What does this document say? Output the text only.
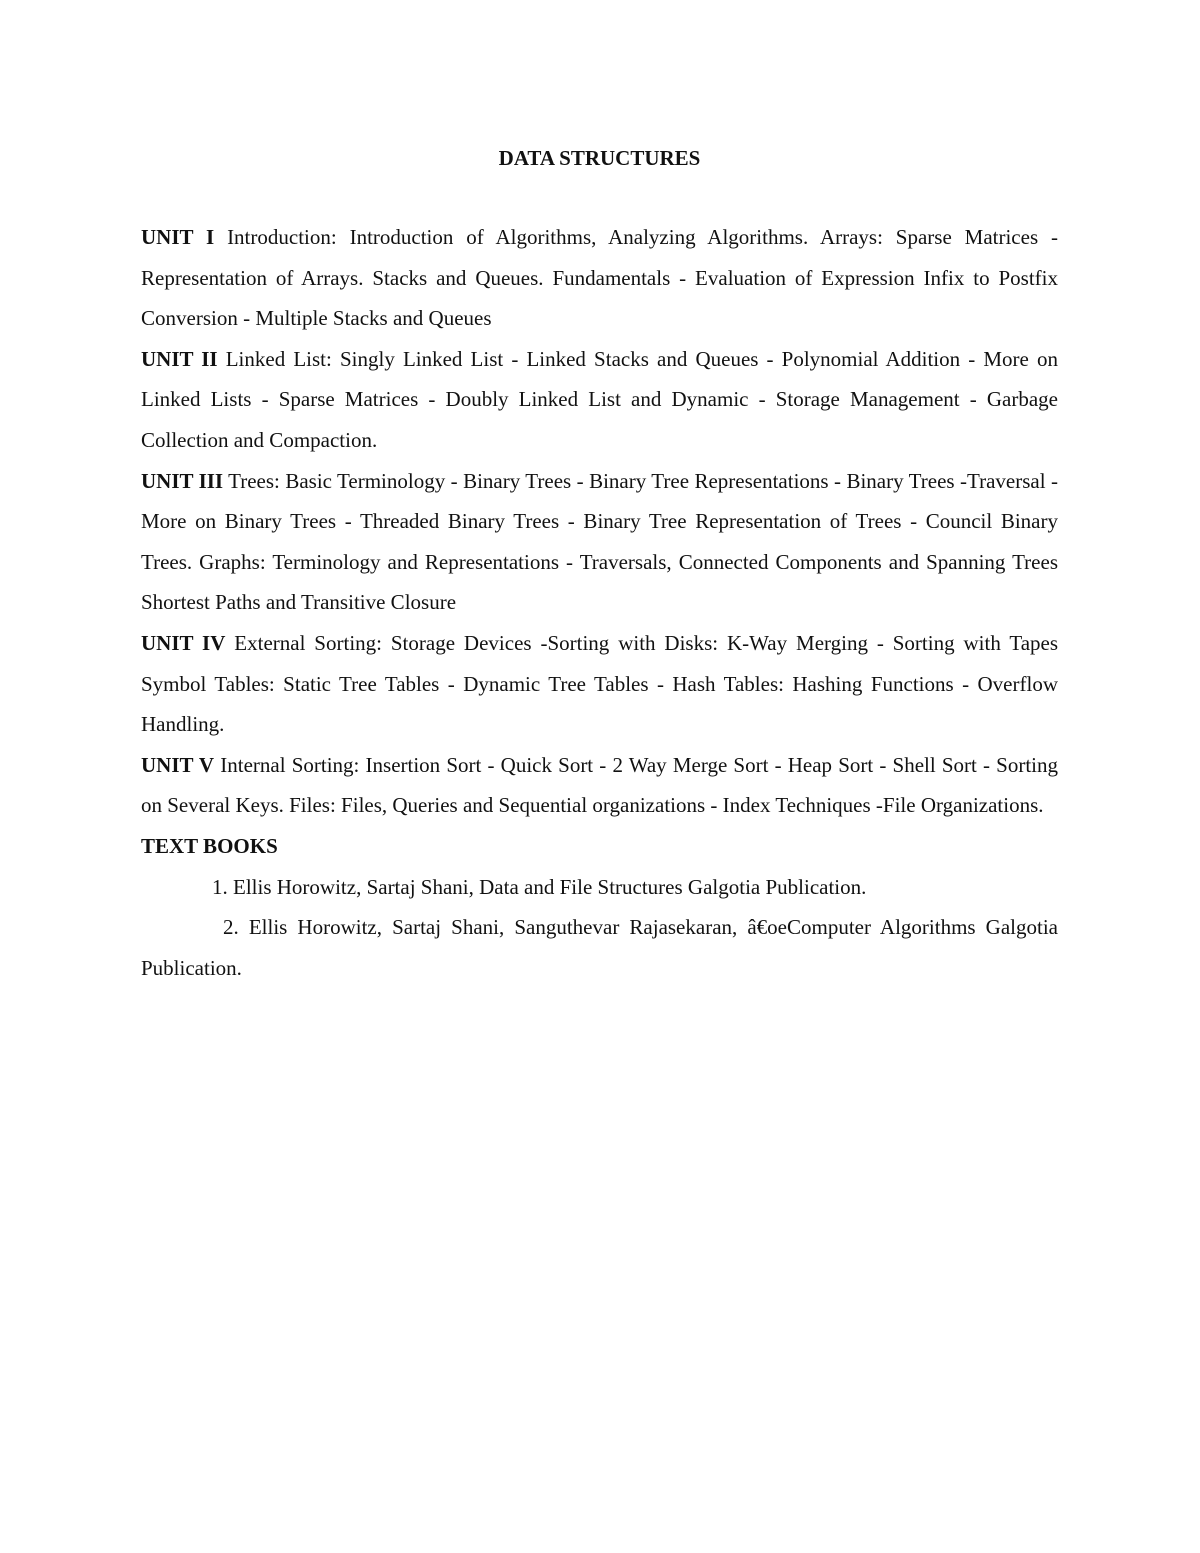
DATA STRUCTURES

UNIT I Introduction: Introduction of Algorithms, Analyzing Algorithms. Arrays: Sparse Matrices - Representation of Arrays. Stacks and Queues. Fundamentals - Evaluation of Expression Infix to Postfix Conversion - Multiple Stacks and Queues

UNIT II Linked List: Singly Linked List - Linked Stacks and Queues - Polynomial Addition - More on Linked Lists - Sparse Matrices - Doubly Linked List and Dynamic - Storage Management - Garbage Collection and Compaction.

UNIT III Trees: Basic Terminology - Binary Trees - Binary Tree Representations - Binary Trees -Traversal - More on Binary Trees - Threaded Binary Trees - Binary Tree Representation of Trees - Council Binary Trees. Graphs: Terminology and Representations - Traversals, Connected Components and Spanning Trees Shortest Paths and Transitive Closure

UNIT IV External Sorting: Storage Devices -Sorting with Disks: K-Way Merging - Sorting with Tapes Symbol Tables: Static Tree Tables - Dynamic Tree Tables - Hash Tables: Hashing Functions - Overflow Handling.

UNIT V Internal Sorting: Insertion Sort - Quick Sort - 2 Way Merge Sort - Heap Sort - Shell Sort - Sorting on Several Keys. Files: Files, Queries and Sequential organizations - Index Techniques -File Organizations.

TEXT BOOKS

1. Ellis Horowitz, Sartaj Shani, Data and File Structures Galgotia Publication.

2. Ellis Horowitz, Sartaj Shani, Sanguthevar Rajasekaran, â€oeComputer Algorithms Galgotia Publication.
